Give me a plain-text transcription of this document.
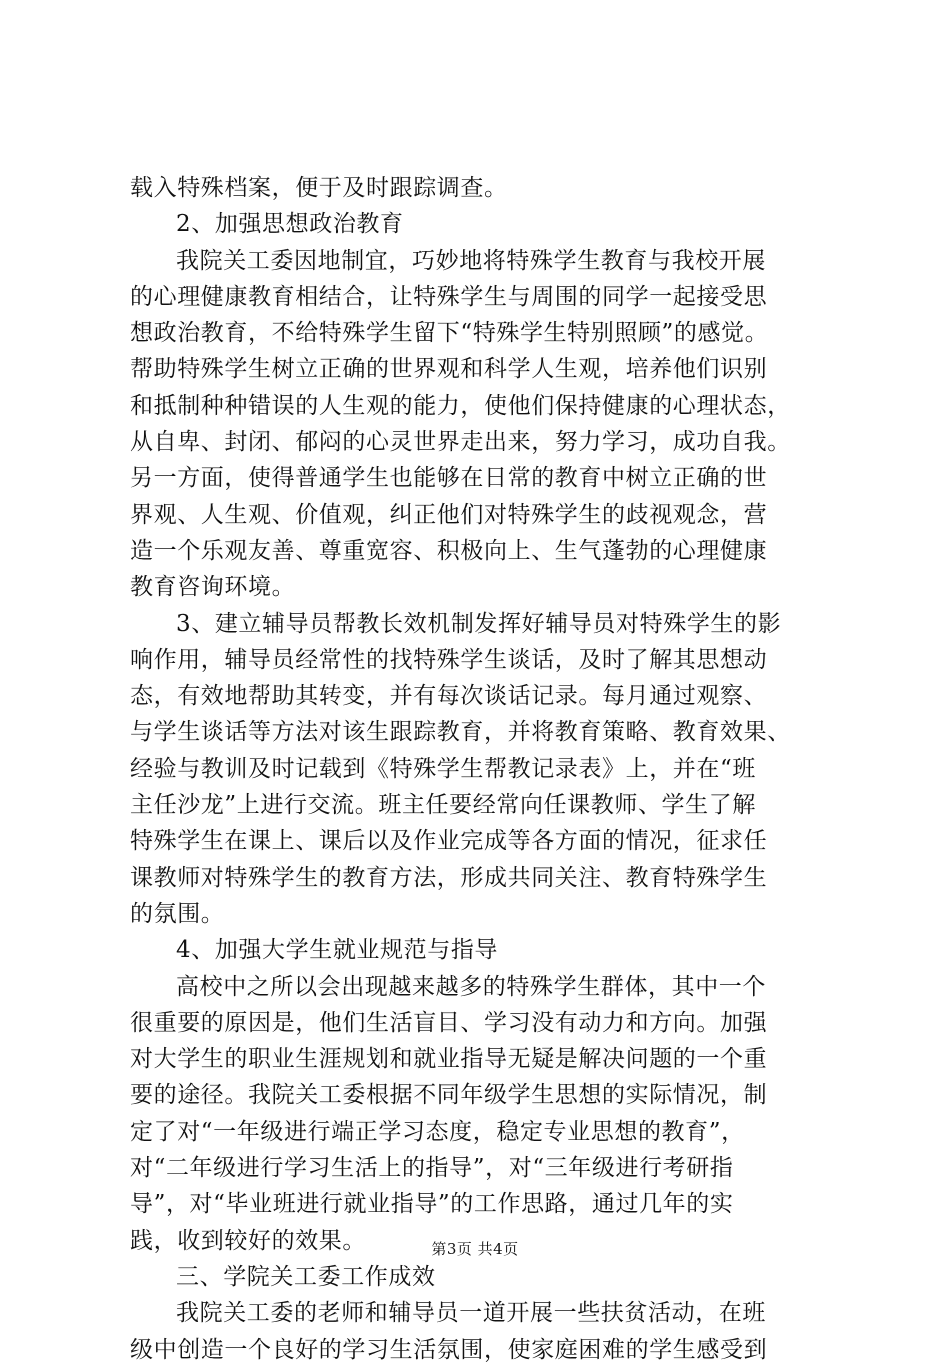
载入特殊档案，便于及时跟踪调查。
2、加强思想政治教育
我院关工委因地制宜，巧妙地将特殊学生教育与我校开展
的心理健康教育相结合，让特殊学生与周围的同学一起接受思
想政治教育，不给特殊学生留下“特殊学生特别照顾”的感觉。
帮助特殊学生树立正确的世界观和科学人生观，培养他们识别
和抵制种种错误的人生观的能力，使他们保持健康的心理状态，
从自卑、封闭、郁闷的心灵世界走出来，努力学习，成功自我。
另一方面，使得普通学生也能够在日常的教育中树立正确的世
界观、人生观、价值观，纠正他们对特殊学生的歧视观念，营
造一个乐观友善、尊重宽容、积极向上、生气蓬勃的心理健康
教育咨询环境。
3、建立辅导员帮教长效机制发挥好辅导员对特殊学生的影
响作用，辅导员经常性的找特殊学生谈话，及时了解其思想动
态，有效地帮助其转变，并有每次谈话记录。每月通过观察、
与学生谈话等方法对该生跟踪教育，并将教育策略、教育效果、
经验与教训及时记载到《特殊学生帮教记录表》上，并在“班
主任沙龙”上进行交流。班主任要经常向任课教师、学生了解
特殊学生在课上、课后以及作业完成等各方面的情况，征求任
课教师对特殊学生的教育方法，形成共同关注、教育特殊学生
的氛围。
4、加强大学生就业规范与指导
高校中之所以会出现越来越多的特殊学生群体，其中一个
很重要的原因是，他们生活盲目、学习没有动力和方向。加强
对大学生的职业生涯规划和就业指导无疑是解决问题的一个重
要的途径。我院关工委根据不同年级学生思想的实际情况，制
定了对“一年级进行端正学习态度，稳定专业思想的教育”，
对“二年级进行学习生活上的指导”，对“三年级进行考研指
导”，对“毕业班进行就业指导”的工作思路，通过几年的实
践，收到较好的效果。
三、学院关工委工作成效
我院关工委的老师和辅导员一道开展一些扶贫活动，在班
级中创造一个良好的学习生活氛围，使家庭困难的学生感受到
第3页 共4页
